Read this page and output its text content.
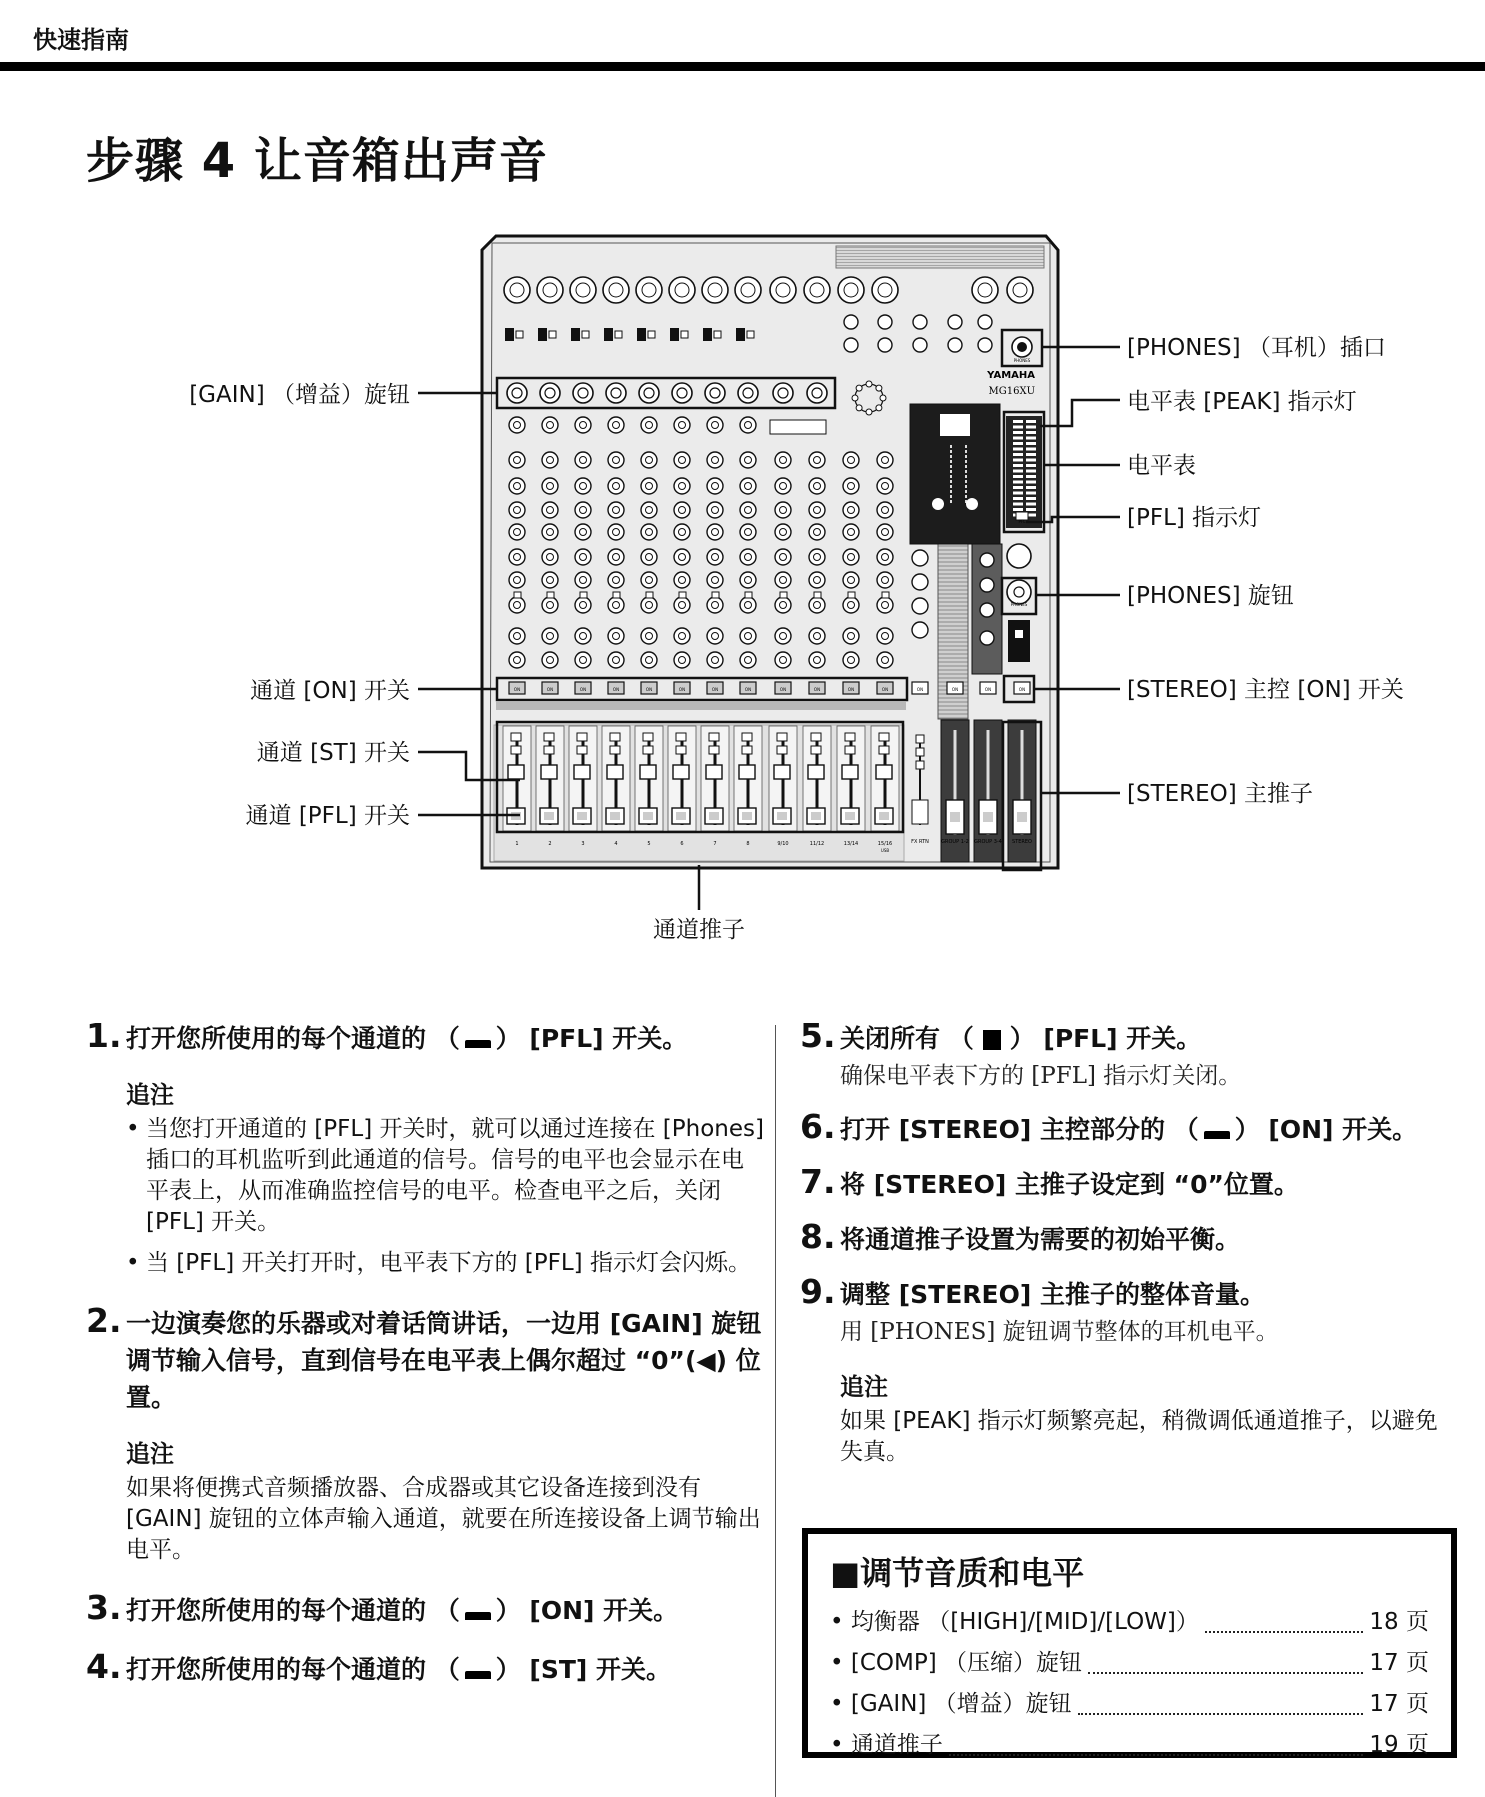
快速指南
步骤 4 让音箱出声音
ON	ON	ON	ON	ON	ON	ON	ON	ON	ON	ON	ON	ON	ON	ON	ON
1	2	3	4	5	6	7	8	9/10	11/12	13/14	15/16
USB
[GAIN] （增益）旋钮
通道 [ON] 开关
通道 [ST] 开关
通道 [PFL] 开关
通道推子
[PHONES] （耳机）插口
电平表 [PEAK] 指示灯
电平表
[PFL] 指示灯
[PHONES] 旋钮
[STEREO] 主控 [ON] 开关
[STEREO] 主推子
YAMAHA
MG16XU
PHONES
PHONES
FX RTN GROUP 1-2 GROUP 3-4 STEREO
PFL
1. 打开您所使用的每个通道的 （ ） [PFL] 开关。
追注
• 当您打开通道的 [PFL] 开关时，就可以通过连接在 [Phones] 插口的耳机监听到此通道的信号。信号的电平也会显示在电平表上，从而准确监控信号的电平。检查电平之后，关闭 [PFL] 开关。
• 当 [PFL] 开关打开时，电平表下方的 [PFL] 指示灯会闪烁。
2. 一边演奏您的乐器或对着话筒讲话，一边用 [GAIN] 旋钮调节输入信号，直到信号在电平表上偶尔超过 “0”(◀) 位置。
追注
如果将便携式音频播放器、合成器或其它设备连接到没有 [GAIN] 旋钮的立体声输入通道，就要在所连接设备上调节输出电平。
3. 打开您所使用的每个通道的 （ ） [ON] 开关。
4. 打开您所使用的每个通道的 （ ） [ST] 开关。
5. 关闭所有 （ ） [PFL] 开关。
确保电平表下方的 [PFL] 指示灯关闭。
6. 打开 [STEREO] 主控部分的 （ ） [ON] 开关。
7. 将 [STEREO] 主推子设定到 “0”位置。
8. 将通道推子设置为需要的初始平衡。
9. 调整 [STEREO] 主推子的整体音量。
用 [PHONES] 旋钮调节整体的耳机电平。
追注
如果 [PEAK] 指示灯频繁亮起，稍微调低通道推子，以避免失真。
■调节音质和电平
• 均衡器 （[HIGH]/[MID]/[LOW]）	18 页
• [COMP] （压缩）旋钮	17 页
• [GAIN] （增益）旋钮	17 页
• 通道推子	19 页
